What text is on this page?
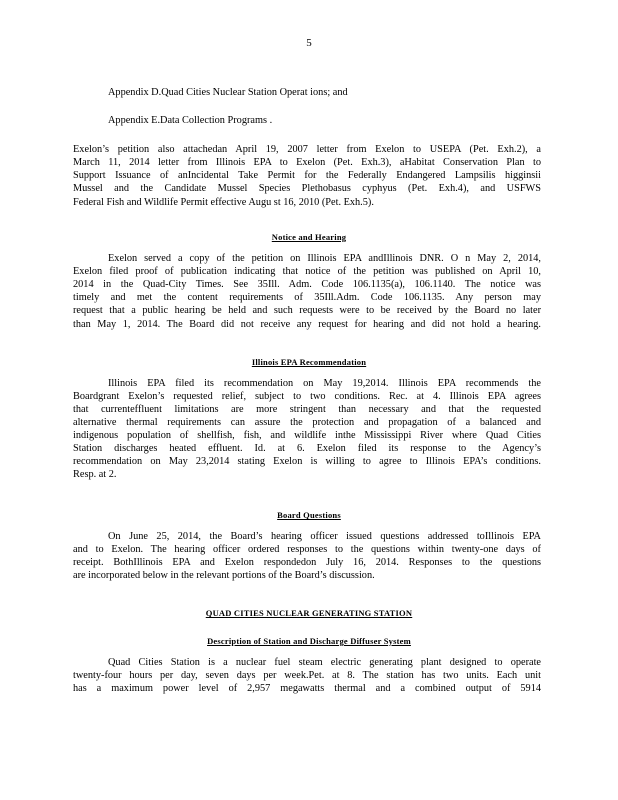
5
Appendix D.Quad Cities Nuclear Station Operat ions; and
Appendix E.Data Collection Programs .
Exelon’s petition also attachedan April 19, 2007 letter from Exelon to USEPA (Pet. Exh.2), a
March 11, 2014 letter from Illinois EPA to Exelon (Pet. Exh.3), aHabitat Conservation Plan to
Support Issuance of anIncidental Take Permit for the Federally Endangered Lampsilis higginsii
Mussel and the Candidate Mussel Species Plethobasus cyphyus (Pet. Exh.4), and USFWS
Federal Fish and Wildlife Permit effective Augu st 16, 2010 (Pet. Exh.5).
Notice and Hearing
Exelon served a copy of the petition on Illinois EPA andIllinois DNR. O n May 2, 2014,
Exelon filed proof of publication indicating that notice of the petition was published on April 10,
2014 in the Quad-City Times. See 35Ill. Adm. Code 106.1135(a), 106.1140. The notice was
timely and met the content requirements of 35Ill.Adm. Code 106.1135. Any person may
request that a public hearing be held and such requests were to be received by the Board no later
than May 1, 2014. The Board did not receive any request for hearing and did not hold a hearing.
Illinois EPA Recommendation
Illinois EPA filed its recommendation on May 19,2014. Illinois EPA recommends the
Boardgrant Exelon’s requested relief, subject to two conditions. Rec. at 4. Illinois EPA agrees
that currenteffluent limitations are more stringent than necessary and that the requested
alternative thermal requirements can assure the protection and propagation of a balanced and
indigenous population of shellfish, fish, and wildlife inthe Mississippi River where Quad Cities
Station discharges heated effluent. Id. at 6. Exelon filed its response to the Agency’s
recommendation on May 23,2014 stating Exelon is willing to agree to Illinois EPA’s conditions.
Resp. at 2.
Board Questions
On June 25, 2014, the Board’s hearing officer issued questions addressed toIllinois EPA
and to Exelon. The hearing officer ordered responses to the questions within twenty-one days of
receipt. BothIllinois EPA and Exelon respondedon July 16, 2014. Responses to the questions
are incorporated below in the relevant portions of the Board’s discussion.
QUAD CITIES NUCLEAR GENERATING STATION
Description of Station and Discharge Diffuser System
Quad Cities Station is a nuclear fuel steam electric generating plant designed to operate
twenty-four hours per day, seven days per week.Pet. at 8. The station has two units. Each unit
has a maximum power level of 2,957 megawatts thermal and a combined output of 5914
